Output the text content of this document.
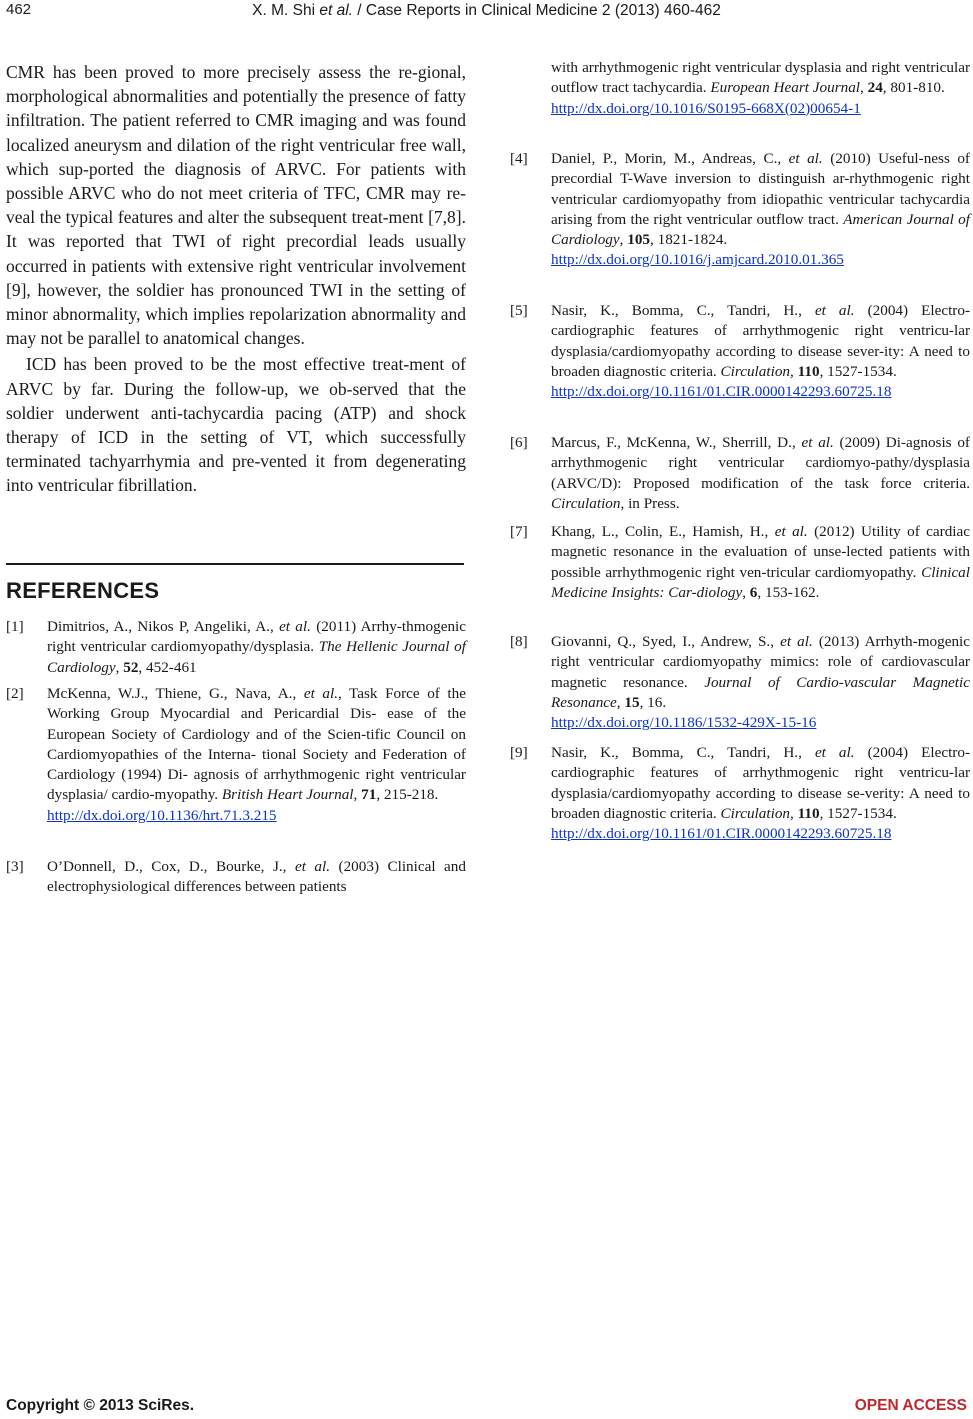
462	X. M. Shi et al. / Case Reports in Clinical Medicine 2 (2013) 460-462

CMR has been proved to more precisely assess the re-gional, morphological abnormalities and potentially the presence of fatty infiltration. The patient referred to CMR imaging and was found localized aneurysm and dilation of the right ventricular free wall, which sup-ported the diagnosis of ARVC. For patients with possible ARVC who do not meet criteria of TFC, CMR may re-veal the typical features and alter the subsequent treat-ment [7,8]. It was reported that TWI of right precordial leads usually occurred in patients with extensive right ventricular involvement [9], however, the soldier has pronounced TWI in the setting of minor abnormality, which implies repolarization abnormality and may not be parallel to anatomical changes.

ICD has been proved to be the most effective treat-ment of ARVC by far. During the follow-up, we ob-served that the soldier underwent anti-tachycardia pacing (ATP) and shock therapy of ICD in the setting of VT, which successfully terminated tachyarrhymia and pre-vented it from degenerating into ventricular fibrillation.

REFERENCES
[1] Dimitrios, A., Nikos P, Angeliki, A., et al. (2011) Arrhy-thmogenic right ventricular cardiomyopathy/dysplasia. The Hellenic Journal of Cardiology, 52, 452-461
[2] McKenna, W.J., Thiene, G., Nava, A., et al., Task Force of the Working Group Myocardial and Pericardial Dis- ease of the European Society of Cardiology and of the Scien-tific Council on Cardiomyopathies of the Interna- tional Society and Federation of Cardiology (1994) Di- agnosis of arrhythmogenic right ventricular dysplasia/ cardio-myopathy. British Heart Journal, 71, 215-218.
http://dx.doi.org/10.1136/hrt.71.3.215
[3] O’Donnell, D., Cox, D., Bourke, J., et al. (2003) Clinical and electrophysiological differences between patients
with arrhythmogenic right ventricular dysplasia and right ventricular outflow tract tachycardia. European Heart Journal, 24, 801-810.
http://dx.doi.org/10.1016/S0195-668X(02)00654-1
[4] Daniel, P., Morin, M., Andreas, C., et al. (2010) Useful-ness of precordial T-Wave inversion to distinguish ar-rhythmogenic right ventricular cardiomyopathy from idiopathic ventricular tachycardia arising from the right ventricular outflow tract. American Journal of Cardiology, 105, 1821-1824.
http://dx.doi.org/10.1016/j.amjcard.2010.01.365
[5] Nasir, K., Bomma, C., Tandri, H., et al. (2004) Electro-cardiographic features of arrhythmogenic right ventricu-lar dysplasia/cardiomyopathy according to disease sever-ity: A need to broaden diagnostic criteria. Circulation, 110, 1527-1534.
http://dx.doi.org/10.1161/01.CIR.0000142293.60725.18
[6] Marcus, F., McKenna, W., Sherrill, D., et al. (2009) Di-agnosis of arrhythmogenic right ventricular cardiomyo-pathy/dysplasia (ARVC/D): Proposed modification of the task force criteria. Circulation, in Press.
[7] Khang, L., Colin, E., Hamish, H., et al. (2012) Utility of cardiac magnetic resonance in the evaluation of unse-lected patients with possible arrhythmogenic right ven-tricular cardiomyopathy. Clinical Medicine Insights: Car-diology, 6, 153-162.
[8] Giovanni, Q., Syed, I., Andrew, S., et al. (2013) Arrhyth-mogenic right ventricular cardiomyopathy mimics: role of cardiovascular magnetic resonance. Journal of Cardio-vascular Magnetic Resonance, 15, 16.
http://dx.doi.org/10.1186/1532-429X-15-16
[9] Nasir, K., Bomma, C., Tandri, H., et al. (2004) Electro-cardiographic features of arrhythmogenic right ventricu-lar dysplasia/cardiomyopathy according to disease se-verity: A need to broaden diagnostic criteria. Circulation, 110, 1527-1534.
http://dx.doi.org/10.1161/01.CIR.0000142293.60725.18
Copyright © 2013 SciRes.	OPEN ACCESS
